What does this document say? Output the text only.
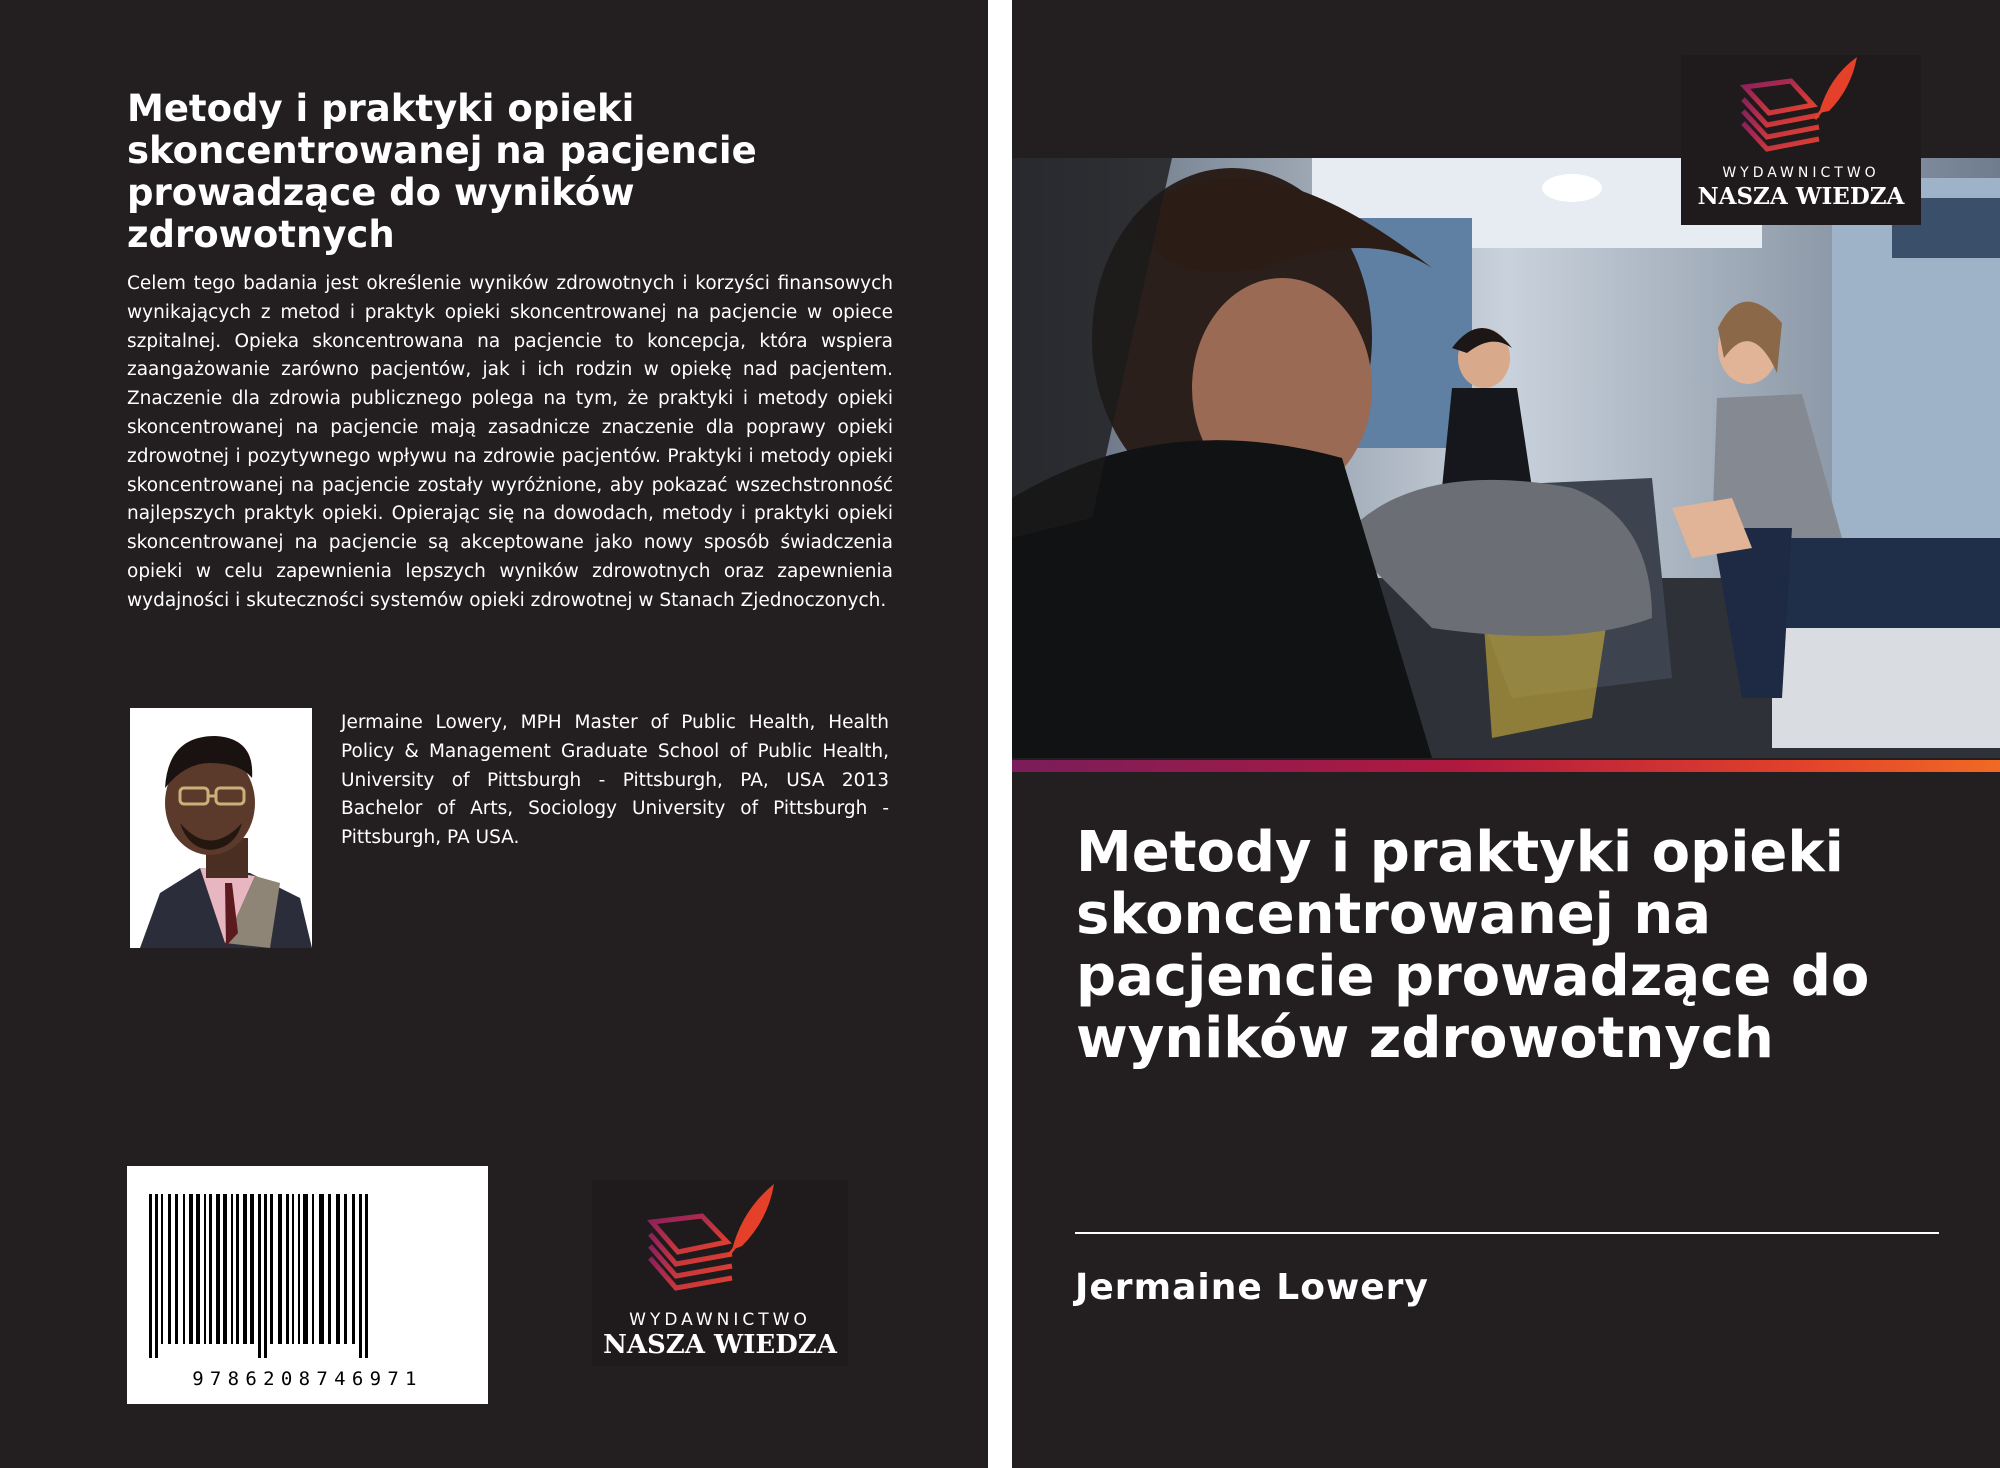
Metody i praktyki opieki skoncentrowanej na pacjencie prowadzące do wyników zdrowotnych

Celem tego badania jest określenie wyników zdrowotnych i korzyści finansowych wynikających z metod i praktyk opieki skoncentrowanej na pacjencie w opiece szpitalnej. Opieka skoncentrowana na pacjencie to koncepcja, która wspiera zaangażowanie zarówno pacjentów, jak i ich rodzin w opiekę nad pacjentem. Znaczenie dla zdrowia publicznego polega na tym, że praktyki i metody opieki skoncentrowanej na pacjencie mają zasadnicze znaczenie dla poprawy opieki zdrowotnej i pozytywnego wpływu na zdrowie pacjentów. Praktyki i metody opieki skoncentrowanej na pacjencie zostały wyróżnione, aby pokazać wszechstronność najlepszych praktyk opieki. Opierając się na dowodach, metody i praktyki opieki skoncentrowanej na pacjencie są akceptowane jako nowy sposób świadczenia opieki w celu zapewnienia lepszych wyników zdrowotnych oraz zapewnienia wydajności i skuteczności systemów opieki zdrowotnej w Stanach Zjednoczonych.

Jermaine Lowery, MPH Master of Public Health, Health Policy & Management Graduate School of Public Health, University of Pittsburgh - Pittsburgh, PA, USA 2013 Bachelor of Arts, Sociology University of Pittsburgh - Pittsburgh, PA USA.

9786208746971
WYDAWNICTWO
NASZA WIEDZA
WYDAWNICTWO
NASZA WIEDZA
Metody i praktyki opieki skoncentrowanej na pacjencie prowadzące do wyników zdrowotnych
Jermaine Lowery
